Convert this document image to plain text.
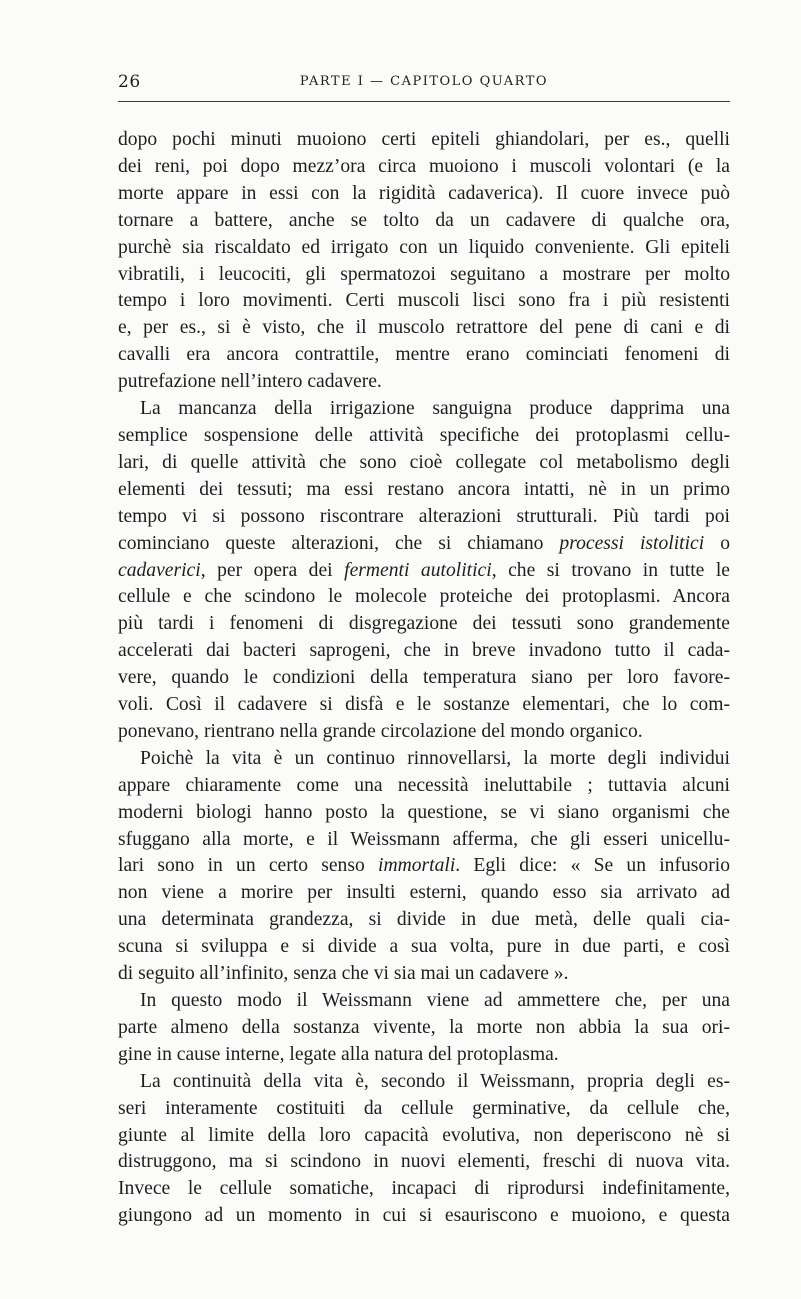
26	PARTE I — CAPITOLO QUARTO
dopo pochi minuti muoiono certi epiteli ghiandolari, per es., quelli
dei reni, poi dopo mezz’ora circa muoiono i muscoli volontari (e la
morte appare in essi con la rigidità cadaverica). Il cuore invece può
tornare a battere, anche se tolto da un cadavere di qualche ora,
purchè sia riscaldato ed irrigato con un liquido conveniente. Gli epiteli
vibratili, i leucociti, gli spermatozoi seguitano a mostrare per molto
tempo i loro movimenti. Certi muscoli lisci sono fra i più resistenti
e, per es., si è visto, che il muscolo retrattore del pene di cani e di
cavalli era ancora contrattile, mentre erano cominciati fenomeni di
putrefazione nell’intero cadavere.
La mancanza della irrigazione sanguigna produce dapprima una
semplice sospensione delle attività specifiche dei protoplasmi cellu-
lari, di quelle attività che sono cioè collegate col metabolismo degli
elementi dei tessuti; ma essi restano ancora intatti, nè in un primo
tempo vi si possono riscontrare alterazioni strutturali. Più tardi poi
cominciano queste alterazioni, che si chiamano processi istolitici o
cadaverici, per opera dei fermenti autolitici, che si trovano in tutte le
cellule e che scindono le molecole proteiche dei protoplasmi. Ancora
più tardi i fenomeni di disgregazione dei tessuti sono grandemente
accelerati dai bacteri saprogeni, che in breve invadono tutto il cada-
vere, quando le condizioni della temperatura siano per loro favore-
voli. Così il cadavere si disfà e le sostanze elementari, che lo com-
ponevano, rientrano nella grande circolazione del mondo organico.
Poichè la vita è un continuo rinnovellarsi, la morte degli individui
appare chiaramente come una necessità ineluttabile ; tuttavia alcuni
moderni biologi hanno posto la questione, se vi siano organismi che
sfuggano alla morte, e il Weissmann afferma, che gli esseri unicellu-
lari sono in un certo senso immortali. Egli dice: « Se un infusorio
non viene a morire per insulti esterni, quando esso sia arrivato ad
una determinata grandezza, si divide in due metà, delle quali cia-
scuna si sviluppa e si divide a sua volta, pure in due parti, e così
di seguito all’infinito, senza che vi sia mai un cadavere ».
In questo modo il Weissmann viene ad ammettere che, per una
parte almeno della sostanza vivente, la morte non abbia la sua ori-
gine in cause interne, legate alla natura del protoplasma.
La continuità della vita è, secondo il Weissmann, propria degli es-
seri interamente costituiti da cellule germinative, da cellule che,
giunte al limite della loro capacità evolutiva, non deperiscono nè si
distruggono, ma si scindono in nuovi elementi, freschi di nuova vita.
Invece le cellule somatiche, incapaci di riprodursi indefinitamente,
giungono ad un momento in cui si esauriscono e muoiono, e questa
